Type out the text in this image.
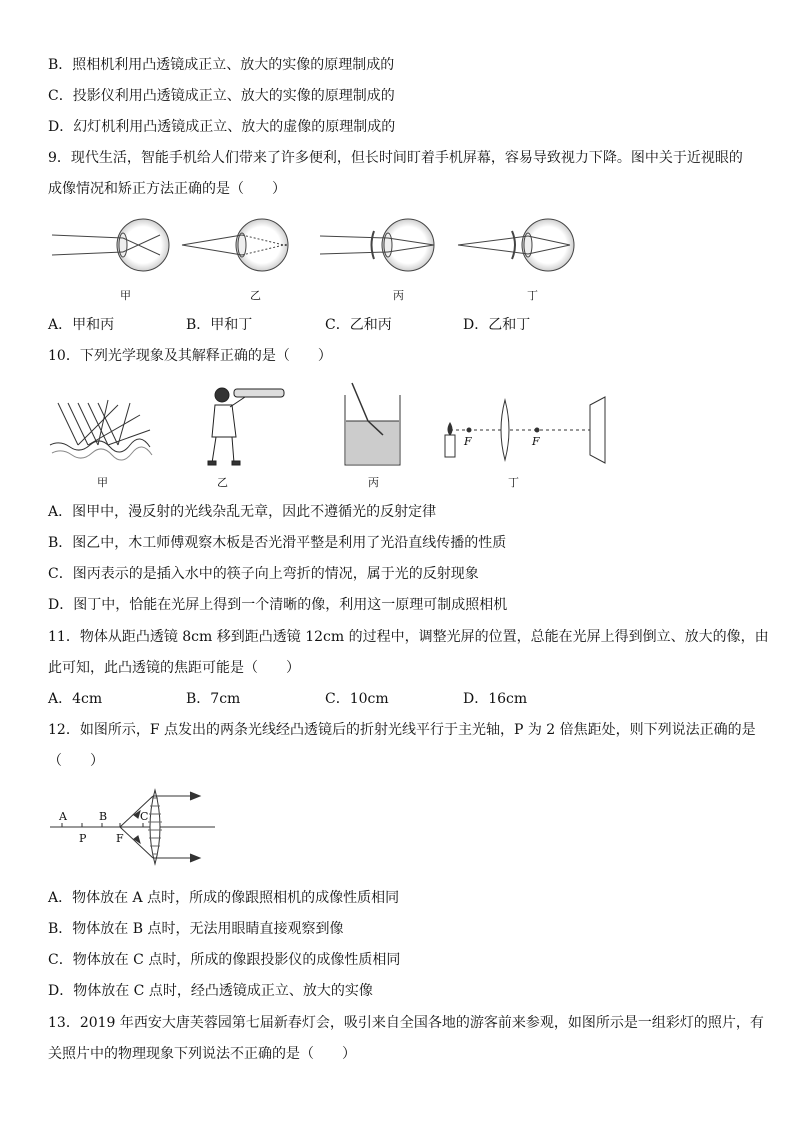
B．照相机利用凸透镜成正立、放大的实像的原理制成的
C．投影仪利用凸透镜成正立、放大的实像的原理制成的
D．幻灯机利用凸透镜成正立、放大的虚像的原理制成的
9．现代生活，智能手机给人们带来了许多便利，但长时间盯着手机屏幕，容易导致视力下降。图中关于近视眼的
成像情况和矫正方法正确的是（　　）
甲	乙	丙	丁
A．甲和丙	B．甲和丁	C．乙和丙	D．乙和丁
10．下列光学现象及其解释正确的是（　　）
F	F
甲	乙	丙	丁
A．图甲中，漫反射的光线杂乱无章，因此不遵循光的反射定律
B．图乙中，木工师傅观察木板是否光滑平整是利用了光沿直线传播的性质
C．图丙表示的是插入水中的筷子向上弯折的情况，属于光的反射现象
D．图丁中，恰能在光屏上得到一个清晰的像，利用这一原理可制成照相机
11．物体从距凸透镜 8cm 移到距凸透镜 12cm 的过程中，调整光屏的位置，总能在光屏上得到倒立、放大的像，由
此可知，此凸透镜的焦距可能是（　　）
A．4cm	B．7cm	C．10cm	D．16cm
12．如图所示，F 点发出的两条光线经凸透镜后的折射光线平行于主光轴，P 为 2 倍焦距处，则下列说法正确的是
（　　）
A	B	C
P	F
A．物体放在 A 点时，所成的像跟照相机的成像性质相同
B．物体放在 B 点时，无法用眼睛直接观察到像
C．物体放在 C 点时，所成的像跟投影仪的成像性质相同
D．物体放在 C 点时，经凸透镜成正立、放大的实像
13．2019 年西安大唐芙蓉园第七届新春灯会，吸引来自全国各地的游客前来参观，如图所示是一组彩灯的照片，有
关照片中的物理现象下列说法不正确的是（　　）
